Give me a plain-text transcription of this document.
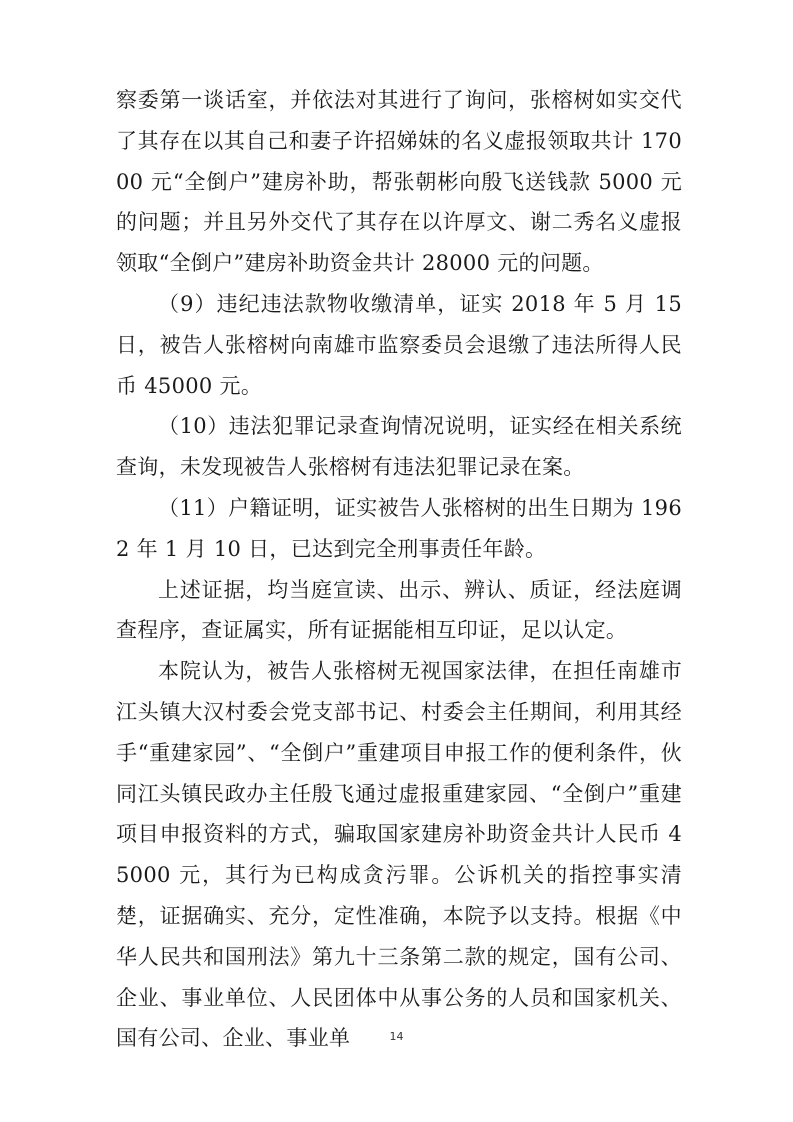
察委第一谈话室，并依法对其进行了询问，张榕树如实交代了其存在以其自己和妻子许招娣妹的名义虚报领取共计 17000 元“全倒户”建房补助，帮张朝彬向殷飞送钱款 5000 元的问题；并且另外交代了其存在以许厚文、谢二秀名义虚报领取“全倒户”建房补助资金共计 28000 元的问题。

（9）违纪违法款物收缴清单，证实 2018 年 5 月 15 日，被告人张榕树向南雄市监察委员会退缴了违法所得人民币 45000 元。

（10）违法犯罪记录查询情况说明，证实经在相关系统查询，未发现被告人张榕树有违法犯罪记录在案。

（11）户籍证明，证实被告人张榕树的出生日期为 1962 年 1 月 10 日，已达到完全刑事责任年龄。

上述证据，均当庭宣读、出示、辨认、质证，经法庭调查程序，查证属实，所有证据能相互印证，足以认定。

本院认为，被告人张榕树无视国家法律，在担任南雄市江头镇大汉村委会党支部书记、村委会主任期间，利用其经手“重建家园”、“全倒户”重建项目申报工作的便利条件，伙同江头镇民政办主任殷飞通过虚报重建家园、“全倒户”重建项目申报资料的方式，骗取国家建房补助资金共计人民币 45000 元，其行为已构成贪污罪。公诉机关的指控事实清楚，证据确实、充分，定性准确，本院予以支持。根据《中华人民共和国刑法》第九十三条第二款的规定，国有公司、企业、事业单位、人民团体中从事公务的人员和国家机关、国有公司、企业、事业单	14
